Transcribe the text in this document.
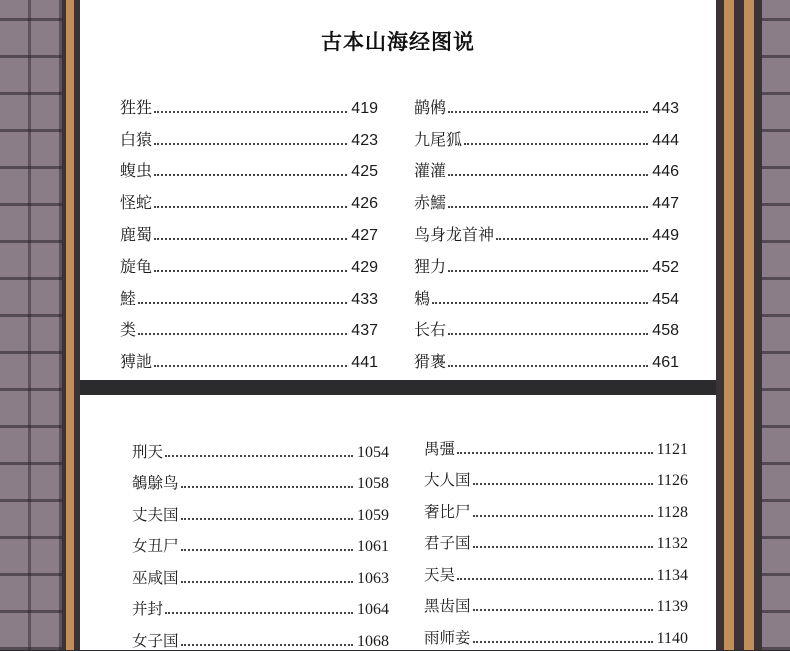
古本山海经图说
狌狌	419
白猿	423
蝮虫	425
怪蛇	426
鹿蜀	427
旋龟	429
鯥	433
类	437
猼訑	441
鹋鸺	443
九尾狐	444
灌灌	446
赤鱬	447
鸟身龙首神	449
狸力	452
鴸	454
长右	458
猾褢	461
刑天	1054
鵸鵌鸟	1058
丈夫国	1059
女丑尸	1061
巫咸国	1063
并封	1064
女子国	1068
禺彊	1121
大人国	1126
奢比尸	1128
君子国	1132
天吴	1134
黑齿国	1139
雨师妾	1140
